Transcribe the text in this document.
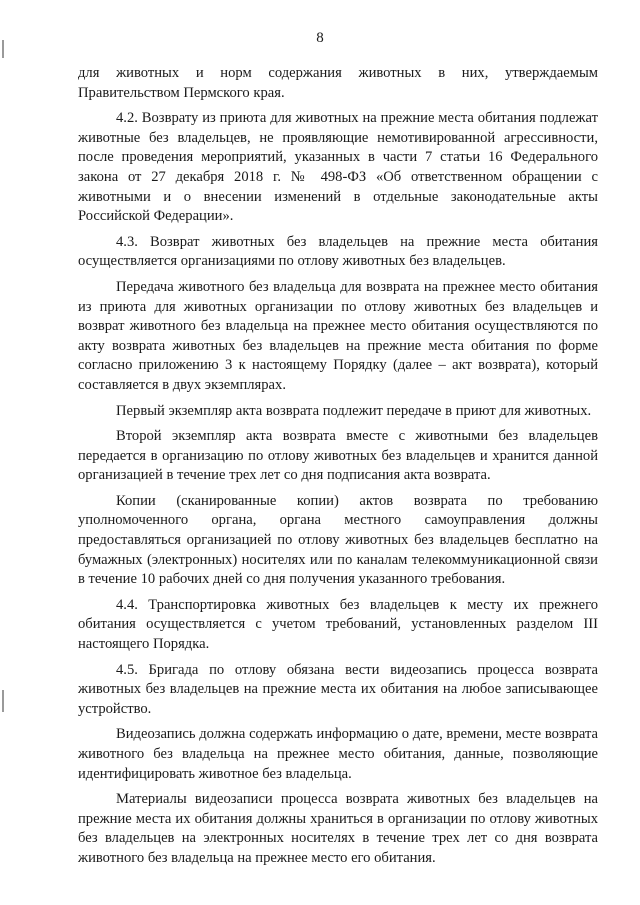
8

для животных и норм содержания животных в них, утверждаемым Правительством Пермского края.

4.2. Возврату из приюта для животных на прежние места обитания подлежат животные без владельцев, не проявляющие немотивированной агрессивности, после проведения мероприятий, указанных в части 7 статьи 16 Федерального закона от 27 декабря 2018 г. № 498-ФЗ «Об ответственном обращении с животными и о внесении изменений в отдельные законодательные акты Российской Федерации».

4.3. Возврат животных без владельцев на прежние места обитания осуществляется организациями по отлову животных без владельцев.

Передача животного без владельца для возврата на прежнее место обитания из приюта для животных организации по отлову животных без владельцев и возврат животного без владельца на прежнее место обитания осуществляются по акту возврата животных без владельцев на прежние места обитания по форме согласно приложению 3 к настоящему Порядку (далее – акт возврата), который составляется в двух экземплярах.

Первый экземпляр акта возврата подлежит передаче в приют для животных.

Второй экземпляр акта возврата вместе с животными без владельцев передается в организацию по отлову животных без владельцев и хранится данной организацией в течение трех лет со дня подписания акта возврата.

Копии (сканированные копии) актов возврата по требованию уполномоченного органа, органа местного самоуправления должны предоставляться организацией по отлову животных без владельцев бесплатно на бумажных (электронных) носителях или по каналам телекоммуникационной связи в течение 10 рабочих дней со дня получения указанного требования.

4.4. Транспортировка животных без владельцев к месту их прежнего обитания осуществляется с учетом требований, установленных разделом III настоящего Порядка.

4.5. Бригада по отлову обязана вести видеозапись процесса возврата животных без владельцев на прежние места их обитания на любое записывающее устройство.

Видеозапись должна содержать информацию о дате, времени, месте возврата животного без владельца на прежнее место обитания, данные, позволяющие идентифицировать животное без владельца.

Материалы видеозаписи процесса возврата животных без владельцев на прежние места их обитания должны храниться в организации по отлову животных без владельцев на электронных носителях в течение трех лет со дня возврата животного без владельца на прежнее место его обитания.
